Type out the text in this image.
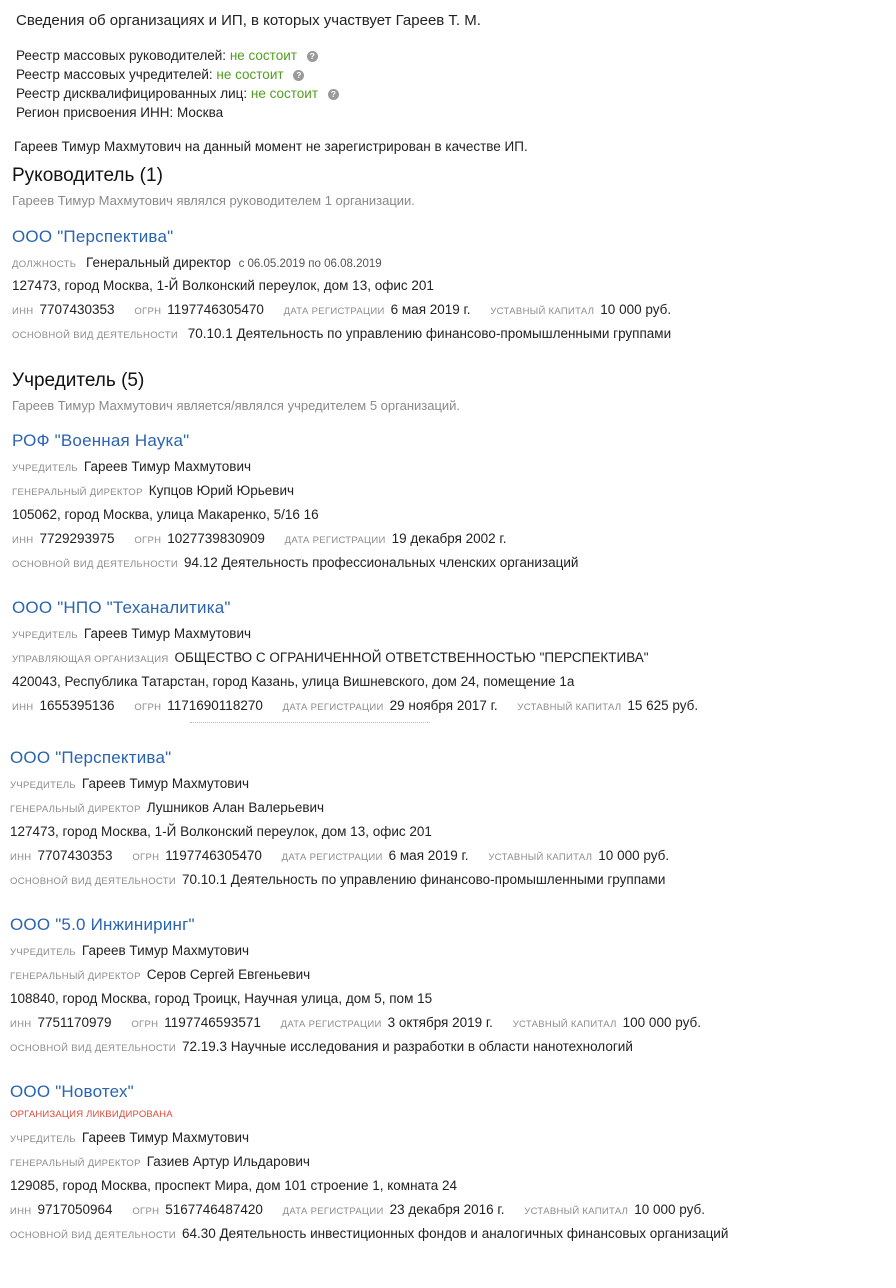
Сведения об организациях и ИП, в которых участвует Гареев Т. М.
Реестр массовых руководителей: не состоит ?
Реестр массовых учредителей: не состоит ?
Реестр дисквалифицированных лиц: не состоит ?
Регион присвоения ИНН: Москва
Гареев Тимур Махмутович на данный момент не зарегистрирован в качестве ИП.
Руководитель (1)
Гареев Тимур Махмутович являлся руководителем 1 организации.
ООО "Перспектива"
ДОЛЖНОСТЬ Генеральный директор с 06.05.2019 по 06.08.2019
127473, город Москва, 1-Й Волконский переулок, дом 13, офис 201
ИНН 7707430353 ОГРН 1197746305470 ДАТА РЕГИСТРАЦИИ 6 мая 2019 г. УСТАВНЫЙ КАПИТАЛ 10 000 руб.
ОСНОВНОЙ ВИД ДЕЯТЕЛЬНОСТИ 70.10.1 Деятельность по управлению финансово-промышленными группами
Учредитель (5)
Гареев Тимур Махмутович является/являлся учредителем 5 организаций.
РОФ "Военная Наука"
УЧРЕДИТЕЛЬ Гареев Тимур Махмутович
ГЕНЕРАЛЬНЫЙ ДИРЕКТОР Купцов Юрий Юрьевич
105062, город Москва, улица Макаренко, 5/16 16
ИНН 7729293975 ОГРН 1027739830909 ДАТА РЕГИСТРАЦИИ 19 декабря 2002 г.
ОСНОВНОЙ ВИД ДЕЯТЕЛЬНОСТИ 94.12 Деятельность профессиональных членских организаций
ООО "НПО "Теханалитика"
УЧРЕДИТЕЛЬ Гареев Тимур Махмутович
УПРАВЛЯЮЩАЯ ОРГАНИЗАЦИЯ ОБЩЕСТВО С ОГРАНИЧЕННОЙ ОТВЕТСТВЕННОСТЬЮ "ПЕРСПЕКТИВА"
420043, Республика Татарстан, город Казань, улица Вишневского, дом 24, помещение 1а
ИНН 1655395136 ОГРН 1171690118270 ДАТА РЕГИСТРАЦИИ 29 ноября 2017 г. УСТАВНЫЙ КАПИТАЛ 15 625 руб.
ООО "Перспектива"
УЧРЕДИТЕЛЬ Гареев Тимур Махмутович
ГЕНЕРАЛЬНЫЙ ДИРЕКТОР Лушников Алан Валерьевич
127473, город Москва, 1-Й Волконский переулок, дом 13, офис 201
ИНН 7707430353 ОГРН 1197746305470 ДАТА РЕГИСТРАЦИИ 6 мая 2019 г. УСТАВНЫЙ КАПИТАЛ 10 000 руб.
ОСНОВНОЙ ВИД ДЕЯТЕЛЬНОСТИ 70.10.1 Деятельность по управлению финансово-промышленными группами
ООО "5.0 Инжиниринг"
УЧРЕДИТЕЛЬ Гареев Тимур Махмутович
ГЕНЕРАЛЬНЫЙ ДИРЕКТОР Серов Сергей Евгеньевич
108840, город Москва, город Троицк, Научная улица, дом 5, пом 15
ИНН 7751170979 ОГРН 1197746593571 ДАТА РЕГИСТРАЦИИ 3 октября 2019 г. УСТАВНЫЙ КАПИТАЛ 100 000 руб.
ОСНОВНОЙ ВИД ДЕЯТЕЛЬНОСТИ 72.19.3 Научные исследования и разработки в области нанотехнологий
ООО "Новотех"
ОРГАНИЗАЦИЯ ЛИКВИДИРОВАНА
УЧРЕДИТЕЛЬ Гареев Тимур Махмутович
ГЕНЕРАЛЬНЫЙ ДИРЕКТОР Газиев Артур Ильдарович
129085, город Москва, проспект Мира, дом 101 строение 1, комната 24
ИНН 9717050964 ОГРН 5167746487420 ДАТА РЕГИСТРАЦИИ 23 декабря 2016 г. УСТАВНЫЙ КАПИТАЛ 10 000 руб.
ОСНОВНОЙ ВИД ДЕЯТЕЛЬНОСТИ 64.30 Деятельность инвестиционных фондов и аналогичных финансовых организаций
